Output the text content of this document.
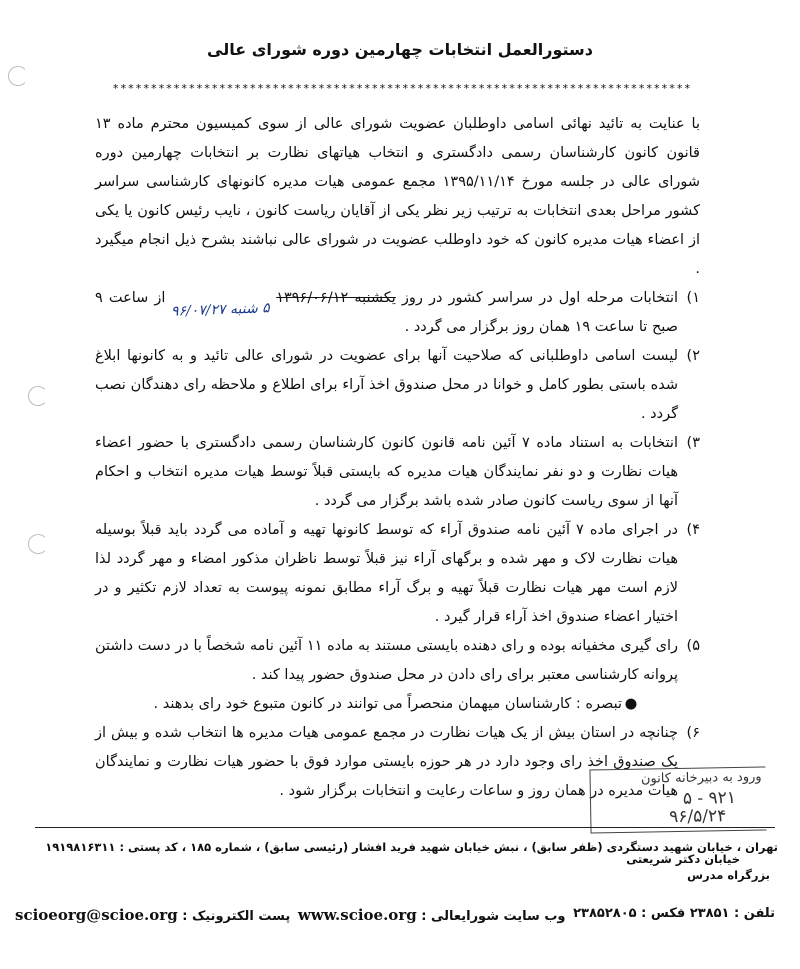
دستورالعمل انتخابات چهارمین دوره شورای عالی
****************************************************************************

با عنایت به تائید نهائی اسامی داوطلبان عضویت شورای عالی از سوی کمیسیون محترم ماده ۱۳ قانون کانون کارشناسان رسمی دادگستری و انتخاب هیاتهای نظارت بر انتخابات چهارمین دوره شورای عالی در جلسه مورخ ۱۳۹۵/۱۱/۱۴ مجمع عمومی هیات مدیره کانونهای کارشناسی سراسر کشور مراحل بعدی انتخابات به ترتیب زیر نظر یکی از آقایان ریاست کانون ، نایب رئیس کانون یا یکی از اعضاء هیات مدیره کانون که خود داوطلب عضویت در شورای عالی نباشند بشرح ذیل انجام میگیرد .

۱)
انتخابات مرحله اول در سراسر کشور در روز یکشنبه ۱۳۹۶/۰۶/۱۲ ۵ شنبه ۹۶/۰۷/۲۷ از ساعت ۹ صبح تا ساعت ۱۹ همان روز برگزار می گردد .
۲)
لیست اسامی داوطلبانی که صلاحیت آنها برای عضویت در شورای عالی تائید و به کانونها ابلاغ شده باستی بطور کامل و خوانا در محل صندوق اخذ آراء برای اطلاع و ملاحظه رای دهندگان نصب گردد .
۳)
انتخابات به استناد ماده ۷ آئین نامه قانون کانون کارشناسان رسمی دادگستری با حضور اعضاء هیات نظارت و دو نفر نمایندگان هیات مدیره که بایستی قبلاً توسط هیات مدیره انتخاب و احکام آنها از سوی ریاست کانون صادر شده باشد برگزار می گردد .
۴)
در اجرای ماده ۷ آئین نامه صندوق آراء که توسط کانونها تهیه و آماده می گردد باید قبلاً بوسیله هیات نظارت لاک و مهر شده و برگهای آراء نیز قبلاً توسط ناظران مذکور امضاء و مهر گردد لذا لازم است مهر هیات نظارت قبلاً تهیه و برگ آراء مطابق نمونه پیوست به تعداد لازم تکثیر و در اختیار اعضاء صندوق اخذ آراء قرار گیرد .
۵)
رای گیری مخفیانه بوده و رای دهنده بایستی مستند به ماده ۱۱ آئین نامه شخصاً با در دست داشتن پروانه کارشناسی معتبر برای رای دادن در محل صندوق حضور پیدا کند .
●
تبصره : کارشناسان میهمان منحصراً می توانند در کانون متبوع خود رای بدهند .
۶)
چنانچه در استان بیش از یک هیات نظارت در مجمع عمومی هیات مدیره ها انتخاب شده و بیش از یک صندوق اخذ رای وجود دارد در هر حوزه بایستی موارد فوق با حضور هیات نظارت و نمایندگان هیات مدیره در همان روز و ساعات رعایت و انتخابات برگزار شود .
ورود به دبیرخانه کانون
۹۲۱ - ۵
۹۶/۵/۲۴
خیابان دکتر شریعتی
تهران ، خیابان شهید دستگردی (ظفر سابق) ، نبش خیابان شهید فرید افشار (رئیسی سابق) ، شماره ۱۸۵ ، کد پستی : ۱۹۱۹۸۱۶۳۱۱
بزرگراه مدرس
تلفن : ۲۳۸۵۱ فکس : ۲۳۸۵۲۸۰۵
وب سایت شورایعالی : www.scioe.org
پست الکترونیک : scioeorg@scioe.org
